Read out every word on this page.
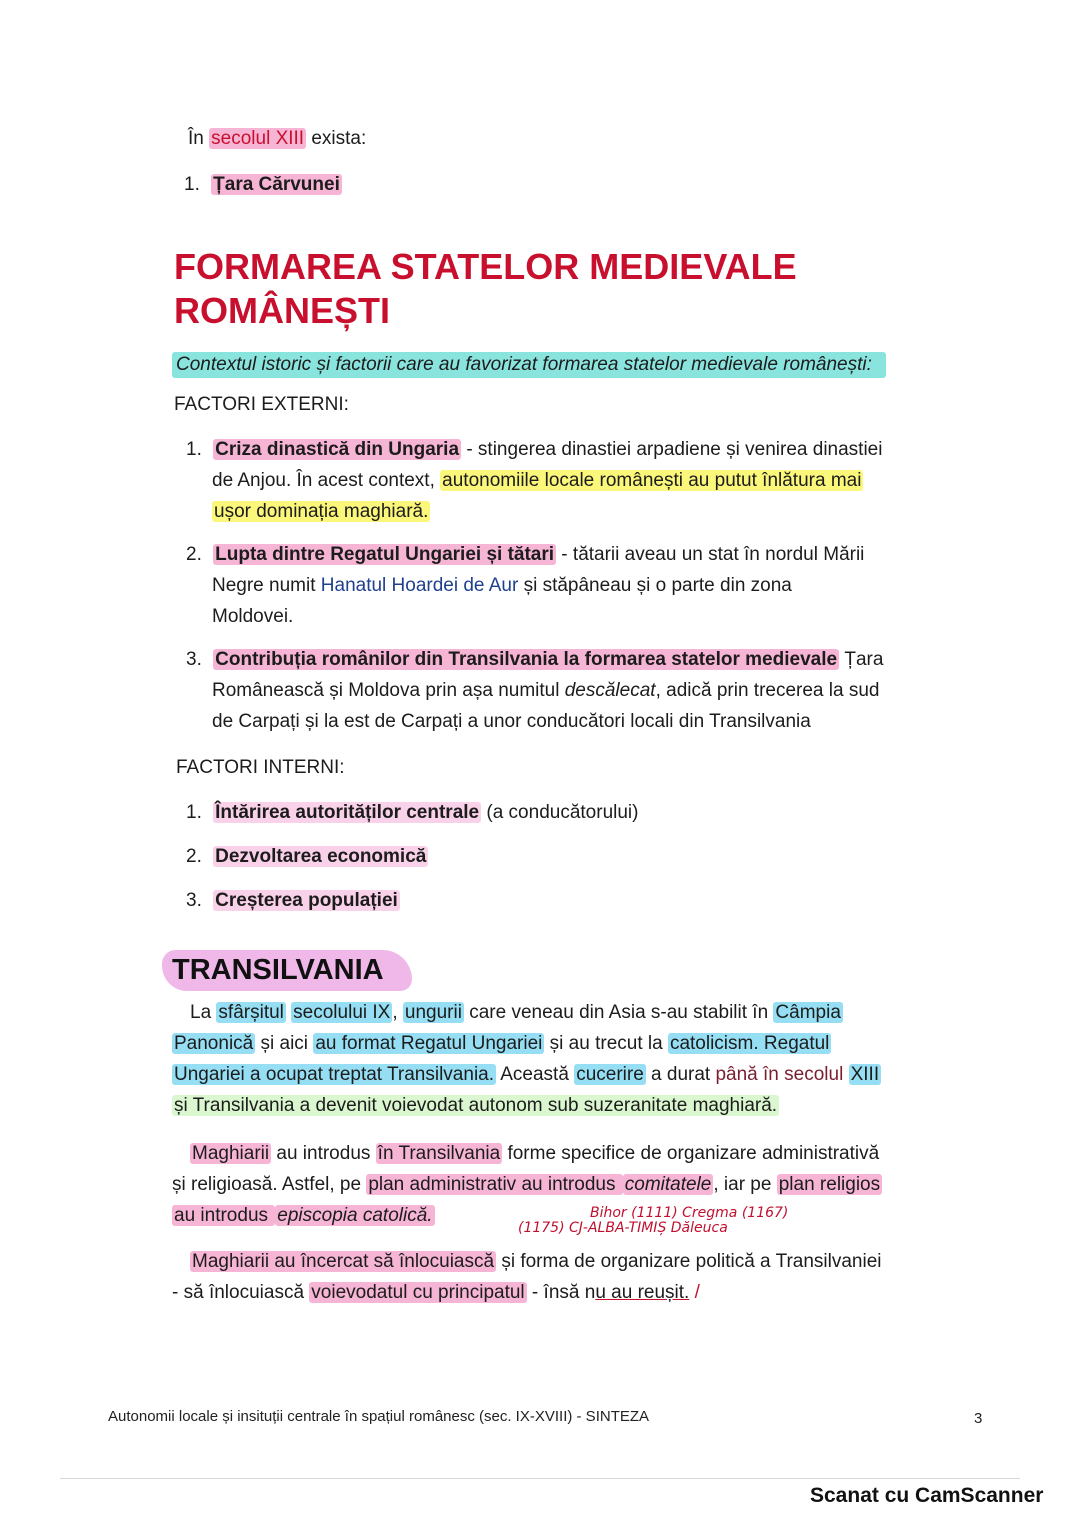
În secolul XIII exista:
1. Țara Cărvunei
FORMAREA STATELOR MEDIEVALE
ROMÂNEȘTI
Contextul istoric și factorii care au favorizat formarea statelor medievale românești:
FACTORI EXTERNI:
1. Criza dinastică din Ungaria - stingerea dinastiei arpadiene și venirea dinastiei
de Anjou. În acest context, autonomiile locale românești au putut înlătura mai
ușor dominația maghiară.
2. Lupta dintre Regatul Ungariei și tătari - tătarii aveau un stat în nordul Mării
Negre numit Hanatul Hoardei de Aur și stăpâneau și o parte din zona
Moldovei.
3. Contribuția românilor din Transilvania la formarea statelor medievale Țara
Românească și Moldova prin așa numitul descălecat, adică prin trecerea la sud
de Carpați și la est de Carpați a unor conducători locali din Transilvania
FACTORI INTERNI:
1. Întărirea autorităților centrale (a conducătorului)
2. Dezvoltarea economică
3. Creșterea populației
TRANSILVANIA
La sfârșitul secolului IX , ungurii care veneau din Asia s-au stabilit în Câmpia
Panonică și aici au format Regatul Ungariei și au trecut la catolicism. Regatul
Ungariei a ocupat treptat Transilvania. Această cucerire a durat până în secolul XIII
și Transilvania a devenit voievodat autonom sub suzeranitate maghiară.
Maghiarii au introdus în Transilvania forme specifice de organizare administrativă
și religioasă. Astfel, pe plan administrativ au introdus comitatele , iar pe plan religios
au introdus episcopia catolică.	Bihor (1111) Cregma (1167)
(1175) CJ-ALBA-TIMIȘ Dăleuca
Maghiarii au încercat să înlocuiască și forma de organizare politică a Transilvaniei
- să înlocuiască voievodatul cu principatul - însă nu au reușit. /
Autonomii locale și insituții centrale în spațiul românesc (sec. IX-XVIII) - SINTEZA	3
Scanat cu CamScanner
